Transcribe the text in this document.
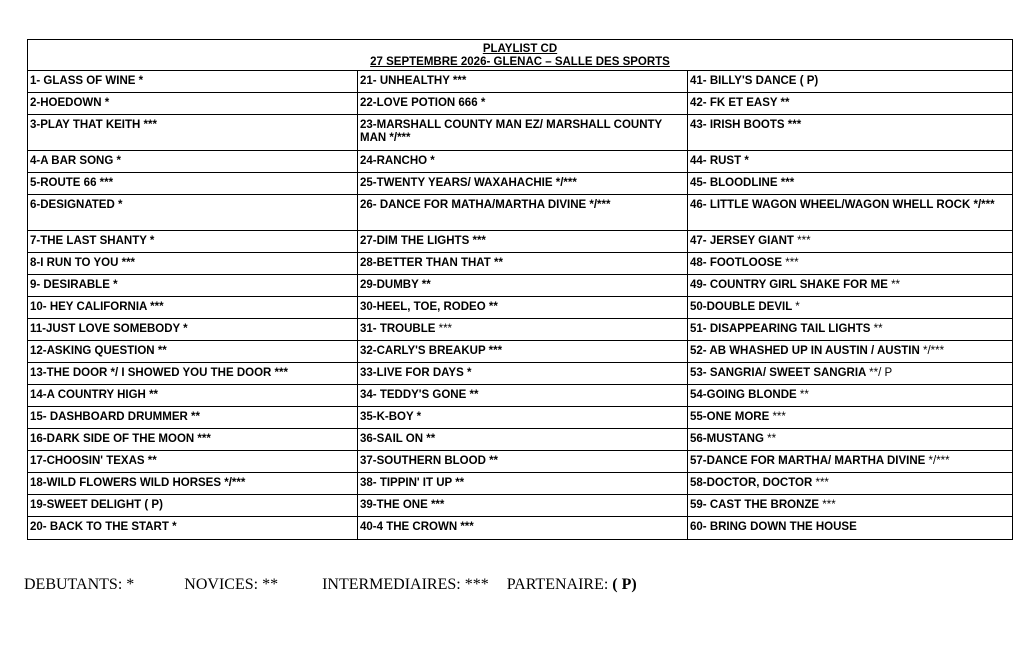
PLAYLIST CD
27 SEPTEMBRE 2026- GLENAC – SALLE DES SPORTS
1- GLASS OF WINE *
2-HOEDOWN *
3-PLAY THAT KEITH ***
4-A BAR SONG *
5-ROUTE 66 ***
6-DESIGNATED *
7-THE LAST SHANTY *
8-I RUN TO YOU ***
9- DESIRABLE *
10- HEY CALIFORNIA ***
11-JUST LOVE SOMEBODY *
12-ASKING QUESTION **
13-THE DOOR */ I SHOWED YOU THE DOOR ***
14-A COUNTRY HIGH **
15- DASHBOARD DRUMMER **
16-DARK SIDE OF THE MOON ***
17-CHOOSIN' TEXAS **
18-WILD FLOWERS WILD HORSES */***
19-SWEET DELIGHT ( P)
20- BACK TO THE START *
21- UNHEALTHY ***
22-LOVE POTION 666 *
23-MARSHALL COUNTY MAN EZ/ MARSHALL COUNTY MAN */***
24-RANCHO *
25-TWENTY YEARS/ WAXAHACHIE */***
26- DANCE FOR MATHA/MARTHA DIVINE */***
27-DIM THE LIGHTS ***
28-BETTER THAN THAT **
29-DUMBY **
30-HEEL, TOE, RODEO **
31- TROUBLE ***
32-CARLY'S BREAKUP ***
33-LIVE FOR DAYS *
34- TEDDY'S GONE **
35-K-BOY *
36-SAIL ON **
37-SOUTHERN BLOOD **
38- TIPPIN' IT UP **
39-THE ONE ***
40-4 THE CROWN ***
41- BILLY'S DANCE ( P)
42- FK ET EASY **
43- IRISH BOOTS ***
44- RUST *
45- BLOODLINE ***
46- LITTLE WAGON WHEEL/WAGON WHELL ROCK */***
47- JERSEY GIANT ***
48- FOOTLOOSE ***
49- COUNTRY GIRL SHAKE FOR ME **
50-DOUBLE DEVIL *
51- DISAPPEARING TAIL LIGHTS **
52- AB WHASHED UP IN AUSTIN / AUSTIN */***
53- SANGRIA/ SWEET SANGRIA **/ P
54-GOING BLONDE **
55-ONE MORE ***
56-MUSTANG **
57-DANCE FOR MARTHA/ MARTHA DIVINE */***
58-DOCTOR, DOCTOR ***
59- CAST THE BRONZE ***
60- BRING DOWN THE HOUSE
DEBUTANTS: *	NOVICES: **	INTERMEDIAIRES: *** PARTENAIRE: ( P)
